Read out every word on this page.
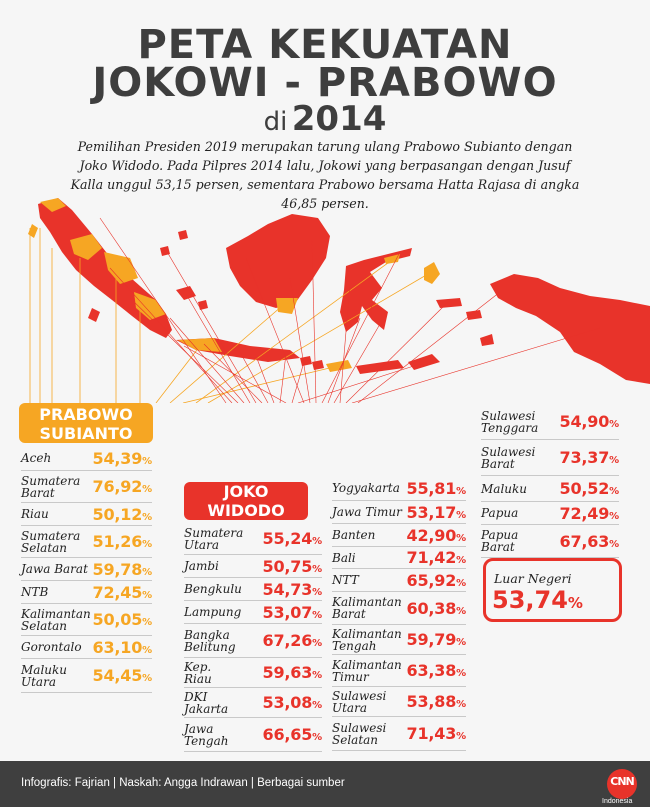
PETA KEKUATAN
JOKOWI - PRABOWO
di 2014
Pemilihan Presiden 2019 merupakan tarung ulang Prabowo Subianto dengan Joko Widodo. Pada Pilpres 2014 lalu, Jokowi yang berpasangan dengan Jusuf Kalla unggul 53,15 persen, sementara Prabowo bersama Hatta Rajasa di angka 46,85 persen.
PRABOWO
SUBIANTO
JOKO
WIDODO
Aceh	54,39%
Sumatera
Barat	76,92%
Riau	50,12%
Sumatera
Selatan	51,26%
Jawa Barat 59,78%
NTB	72,45%
Kalimantan
Selatan	50,05%
Gorontalo 63,10%
Maluku
Utara	54,45%
Sumatera
Utara	55,24%
Jambi	50,75%
Bengkulu 54,73%
Lampung 53,07%
Bangka
Belitung 67,26%
Kep.
Riau	59,63%
DKI
Jakarta 53,08%
Jawa
Tengah 66,65%
Yogyakarta 55,81%
Jawa Timur 53,17%
Banten 42,90%
Bali	71,42%
NTT	65,92%
Kalimantan
Barat	60,38%
Kalimantan
Tengah	59,79%
Kalimantan
Timur	63,38%
Sulawesi
Utara	53,88%
Sulawesi
Selatan	71,43%
Sulawesi
Tenggara 54,90%
Sulawesi
Barat	73,37%
Maluku 50,52%
Papua	72,49%
Papua
Barat	67,63%
Luar Negeri
53,74%
Infografis: Fajrian | Naskah: Angga Indrawan | Berbagai sumber	CNN
Indonesia
